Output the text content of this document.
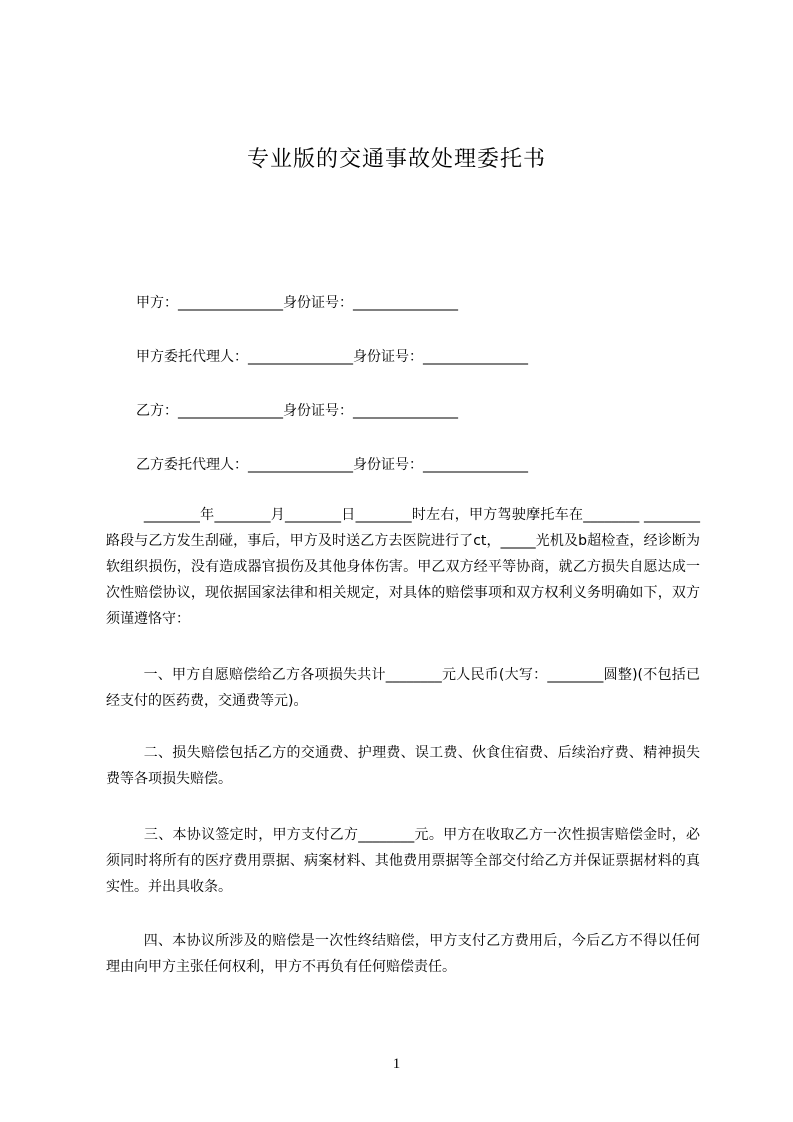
专业版的交通事故处理委托书
甲方：_______________身份证号：_______________
甲方委托代理人：_______________身份证号：_______________
乙方：_______________身份证号：_______________
乙方委托代理人：_______________身份证号：_______________
________年________月________日________时左右，甲方驾驶摩托车在________ ________路段与乙方发生刮碰，事后，甲方及时送乙方去医院进行了ct，_____光机及b超检查，经诊断为软组织损伤，没有造成器官损伤及其他身体伤害。甲乙双方经平等协商，就乙方损失自愿达成一次性赔偿协议，现依据国家法律和相关规定，对具体的赔偿事项和双方权利义务明确如下，双方须谨遵恪守：
一、甲方自愿赔偿给乙方各项损失共计________元人民币(大写：________圆整)(不包括已经支付的医药费，交通费等元)。
二、损失赔偿包括乙方的交通费、护理费、误工费、伙食住宿费、后续治疗费、精神损失费等各项损失赔偿。
三、本协议签定时，甲方支付乙方________元。甲方在收取乙方一次性损害赔偿金时，必须同时将所有的医疗费用票据、病案材料、其他费用票据等全部交付给乙方并保证票据材料的真实性。并出具收条。
四、本协议所涉及的赔偿是一次性终结赔偿，甲方支付乙方费用后，今后乙方不得以任何理由向甲方主张任何权利，甲方不再负有任何赔偿责任。
1
